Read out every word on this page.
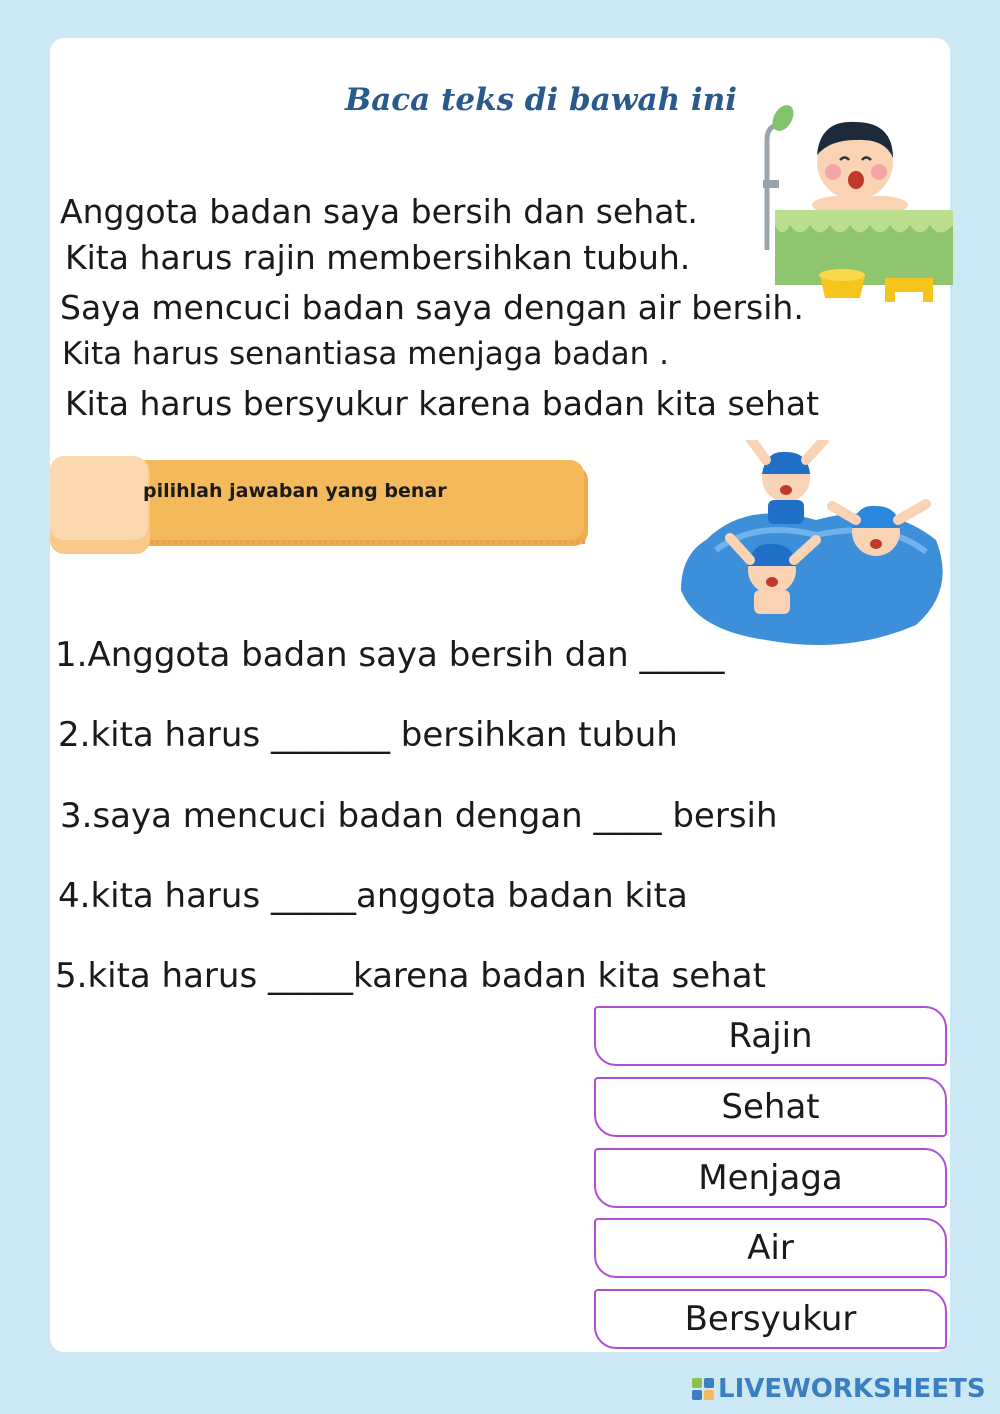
Baca teks di bawah ini
Anggota badan saya bersih dan sehat.
Kita harus rajin membersihkan tubuh.
Saya mencuci badan saya dengan air bersih.
Kita harus senantiasa menjaga badan .
Kita harus bersyukur karena badan kita sehat
pilihlah jawaban yang benar
1.Anggota badan saya bersih dan _____
2.kita harus _______ bersihkan tubuh
3.saya mencuci badan dengan ____ bersih
4.kita harus _____anggota badan kita
5.kita harus _____karena badan kita sehat
Rajin
Sehat
Menjaga
Air
Bersyukur
LIVEWORKSHEETS
